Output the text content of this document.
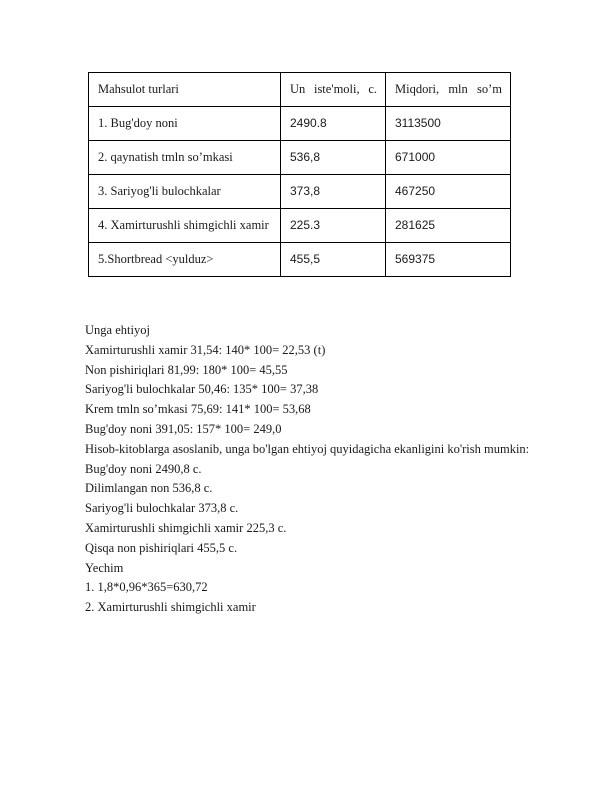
Mahsulot turlari	Un iste'moli, c.	Miqdori, mln so’m
1. Bug'doy noni	2490.8	3113500
2. qaynatish tmln so’mkasi	536,8	671000
3. Sariyog'li bulochkalar	373,8	467250

4. Xamirturushli shimgichli xamir	225.3	281625
5.Shortbread <yulduz>	455,5	569375

Unga ehtiyoj

Xamirturushli xamir 31,54: 140* 100= 22,53 (t)

Non pishiriqlari 81,99: 180* 100= 45,55

Sariyog'li bulochkalar 50,46: 135* 100= 37,38

Krem tmln so’mkasi 75,69: 141* 100= 53,68

Bug'doy noni 391,05: 157* 100= 249,0

Hisob-kitoblarga asoslanib, unga bo'lgan ehtiyoj quyidagicha ekanligini ko'rish mumkin:

Bug'doy noni 2490,8 c.

Dilimlangan non 536,8 c.

Sariyog'li bulochkalar 373,8 c.

Xamirturushli shimgichli xamir 225,3 c.

Qisqa non pishiriqlari 455,5 c.

Yechim

1. 1,8*0,96*365=630,72

2. Xamirturushli shimgichli xamir
